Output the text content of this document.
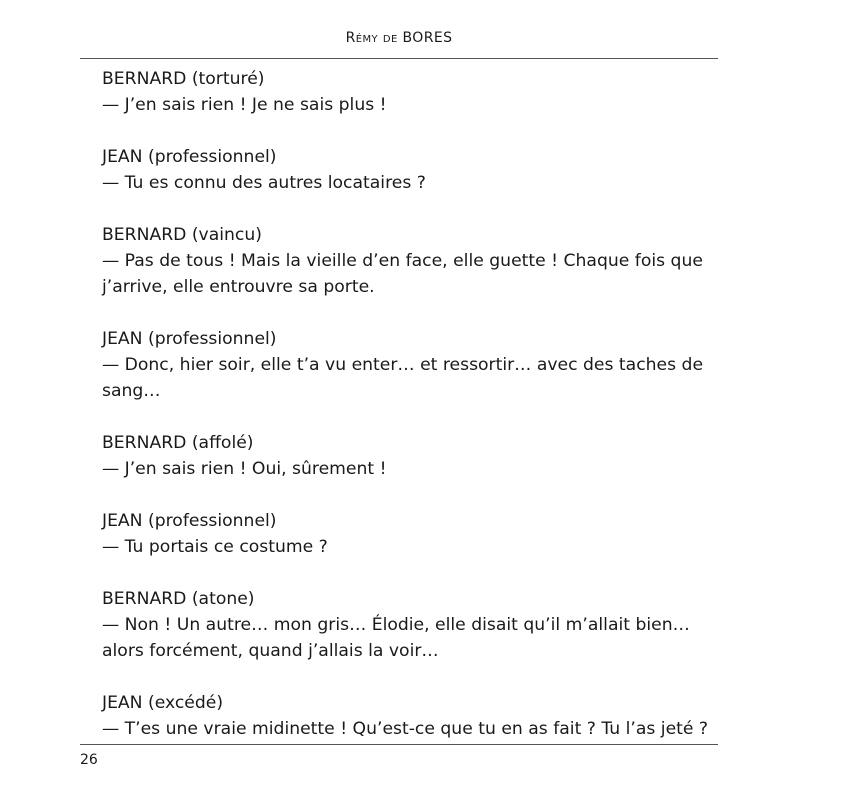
Rémy de BORES

BERNARD (torturé)

— J’en sais rien ! Je ne sais plus !

JEAN (professionnel)

— Tu es connu des autres locataires ?

BERNARD (vaincu)

— Pas de tous ! Mais la vieille d’en face, elle guette ! Chaque fois que

j’arrive, elle entrouvre sa porte.

JEAN (professionnel)

— Donc, hier soir, elle t’a vu enter… et ressortir… avec des taches de

sang…

BERNARD (affolé)

— J’en sais rien ! Oui, sûrement !

JEAN (professionnel)

— Tu portais ce costume ?

BERNARD (atone)

— Non ! Un autre… mon gris… Élodie, elle disait qu’il m’allait bien…

alors forcément, quand j’allais la voir…

JEAN (excédé)

— T’es une vraie midinette ! Qu’est-ce que tu en as fait ? Tu l’as jeté ?

26
